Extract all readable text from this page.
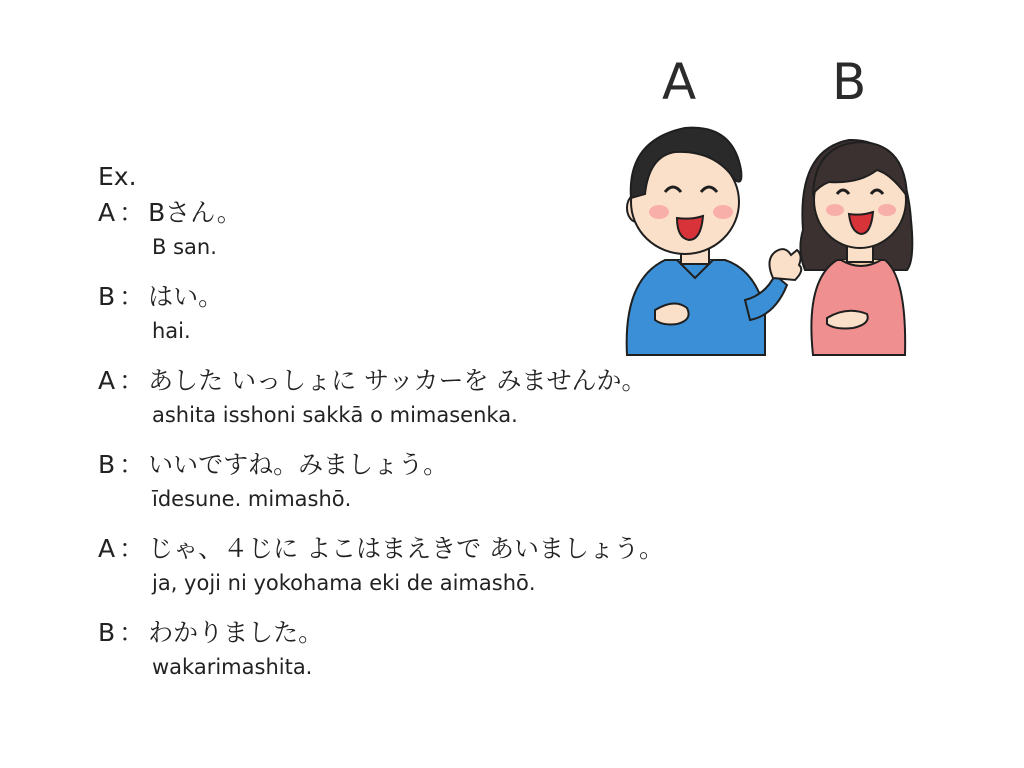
A	B
Ex.
A ： Bさん。
B san.
B ： はい。
hai.
A ： あした いっしょに サッカーを みませんか。
ashita isshoni sakkā o mimasenka.
B ： いいですね。みましょう。
īdesune. mimashō.
A ： じゃ、４じに よこはまえきで あいましょう。
ja, yoji ni yokohama eki de aimashō.
B ： わかりました。
wakarimashita.
